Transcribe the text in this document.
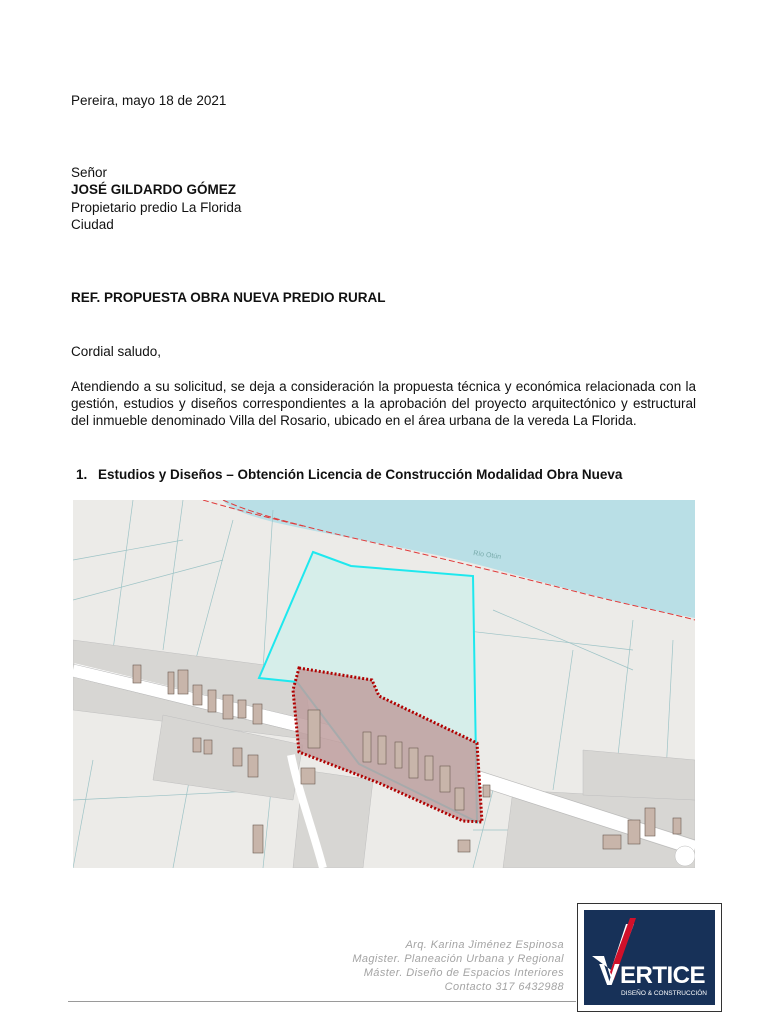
Pereira, mayo 18 de 2021
Señor
JOSÉ GILDARDO GÓMEZ
Propietario predio La Florida
Ciudad
REF. PROPUESTA OBRA NUEVA PREDIO RURAL
Cordial saludo,
Atendiendo a su solicitud, se deja a consideración la propuesta técnica y económica relacionada con la gestión, estudios y diseños correspondientes a la aprobación del proyecto arquitectónico y estructural del inmueble denominado Villa del Rosario, ubicado en el área urbana de la vereda La Florida.
1. Estudios y Diseños – Obtención Licencia de Construcción Modalidad Obra Nueva
Río Otún
Arq. Karina Jiménez Espinosa
Magister. Planeación Urbana y Regional
Máster. Diseño de Espacios Interiores
Contacto 317 6432988 V ERTICE
DISEÑO & CONSTRUCCIÓN
